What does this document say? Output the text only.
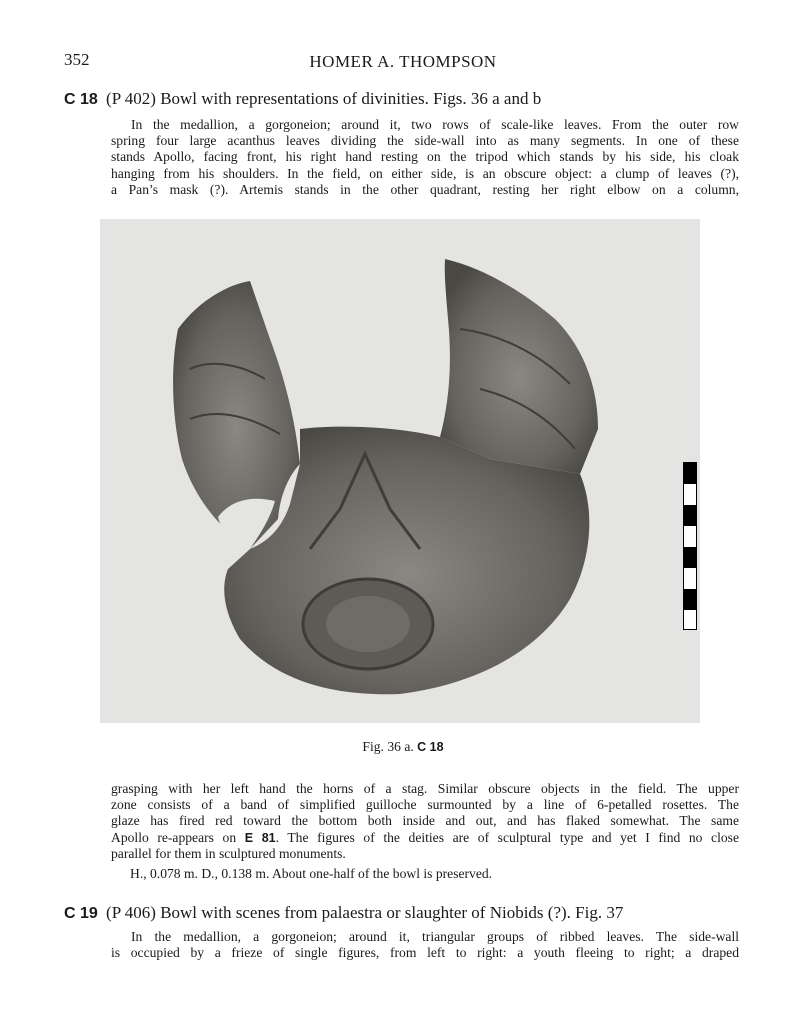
352	HOMER A. THOMPSON
C 18 (P 402) Bowl with representations of divinities. Figs. 36 a and b
In the medallion, a gorgoneion; around it, two rows of scale-like leaves. From the outer row
spring four large acanthus leaves dividing the side-wall into as many segments. In one of these
stands Apollo, facing front, his right hand resting on the tripod which stands by his side, his cloak
hanging from his shoulders. In the field, on either side, is an obscure object: a clump of leaves (?),
a Pan’s mask (?). Artemis stands in the other quadrant, resting her right elbow on a column,
Fig. 36 a. C 18
grasping with her left hand the horns of a stag. Similar obscure objects in the field. The upper
zone consists of a band of simplified guilloche surmounted by a line of 6-petalled rosettes. The
glaze has fired red toward the bottom both inside and out, and has flaked somewhat. The same
Apollo re-appears on E 81. The figures of the deities are of sculptural type and yet I find no close
parallel for them in sculptured monuments.
H., 0.078 m. D., 0.138 m. About one-half of the bowl is preserved.
C 19 (P 406) Bowl with scenes from palaestra or slaughter of Niobids (?). Fig. 37
In the medallion, a gorgoneion; around it, triangular groups of ribbed leaves. The side-wall
is occupied by a frieze of single figures, from left to right: a youth fleeing to right; a draped
